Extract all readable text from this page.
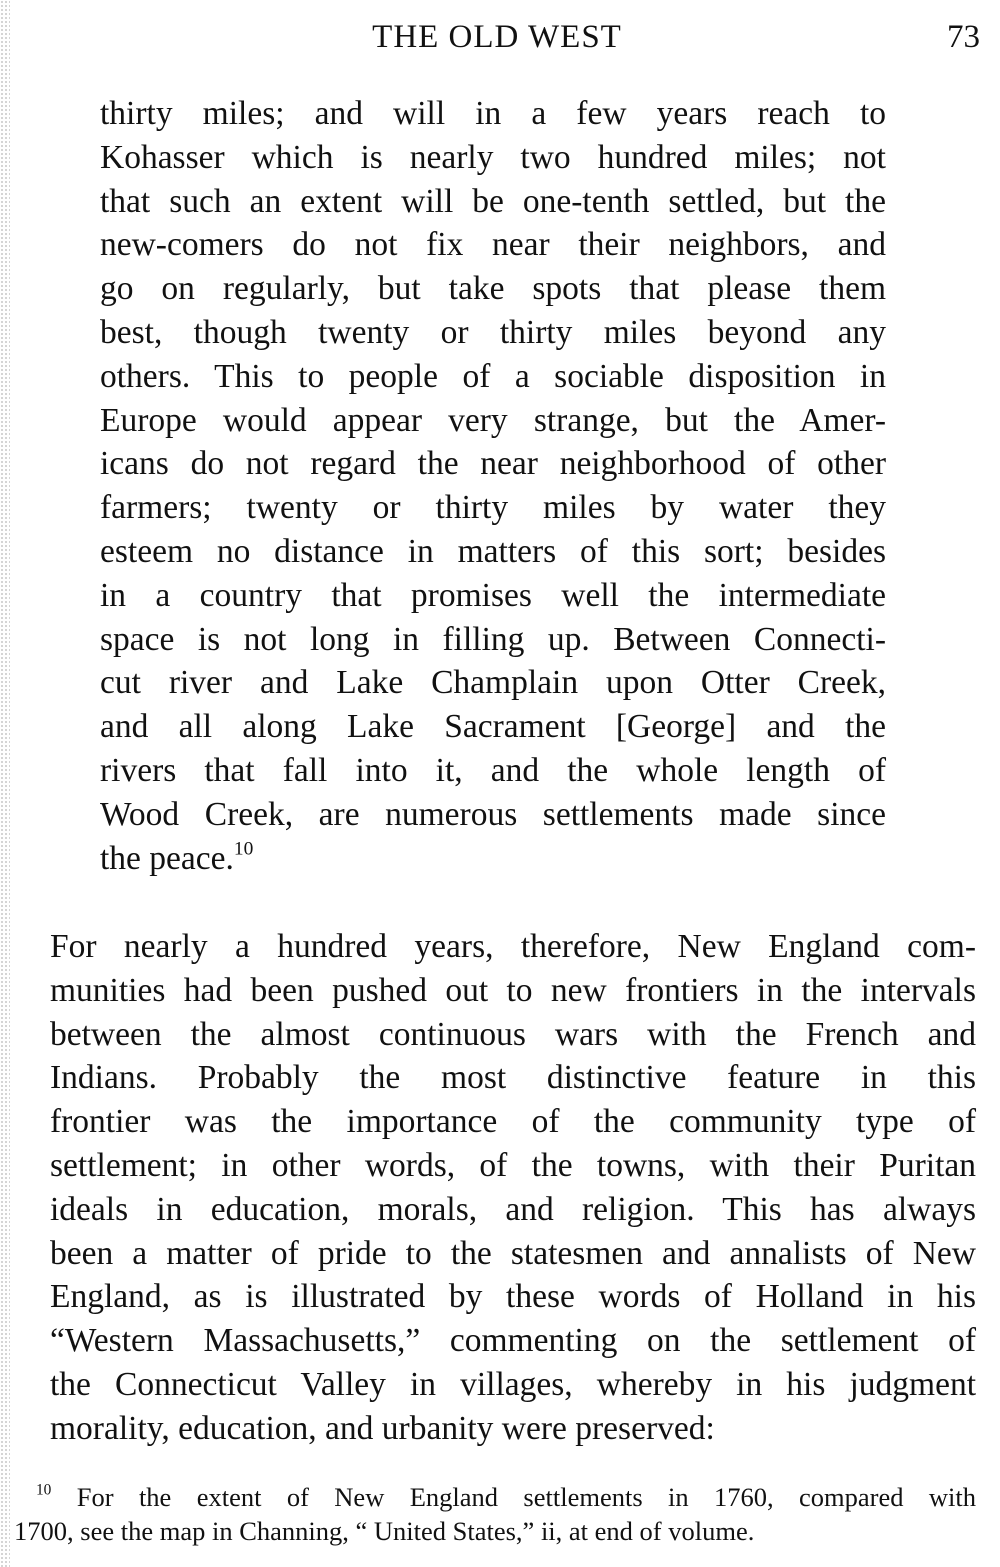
THE OLD WEST	73

thirty miles; and will in a few years reach to
Kohasser which is nearly two hundred miles; not
that such an extent will be one-tenth settled, but the
new-comers do not fix near their neighbors, and
go on regularly, but take spots that please them
best, though twenty or thirty miles beyond any
others. This to people of a sociable disposition in
Europe would appear very strange, but the Amer-
icans do not regard the near neighborhood of other
farmers; twenty or thirty miles by water they
esteem no distance in matters of this sort; besides
in a country that promises well the intermediate
space is not long in filling up. Between Connecti-
cut river and Lake Champlain upon Otter Creek,
and all along Lake Sacrament [George] and the
rivers that fall into it, and the whole length of
Wood Creek, are numerous settlements made since
the peace.$^{10}$

For nearly a hundred years, therefore, New England com-
munities had been pushed out to new frontiers in the intervals
between the almost continuous wars with the French and
Indians. Probably the most distinctive feature in this
frontier was the importance of the community type of
settlement; in other words, of the towns, with their Puritan
ideals in education, morals, and religion. This has always
been a matter of pride to the statesmen and annalists of New
England, as is illustrated by these words of Holland in his
“Western Massachusetts,” commenting on the settlement of
the Connecticut Valley in villages, whereby in his judgment
morality, education, and urbanity were preserved:

$^{10}$ For the extent of New England settlements in 1760, compared with
1700, see the map in Channing, “ United States,” ii, at end of volume.
